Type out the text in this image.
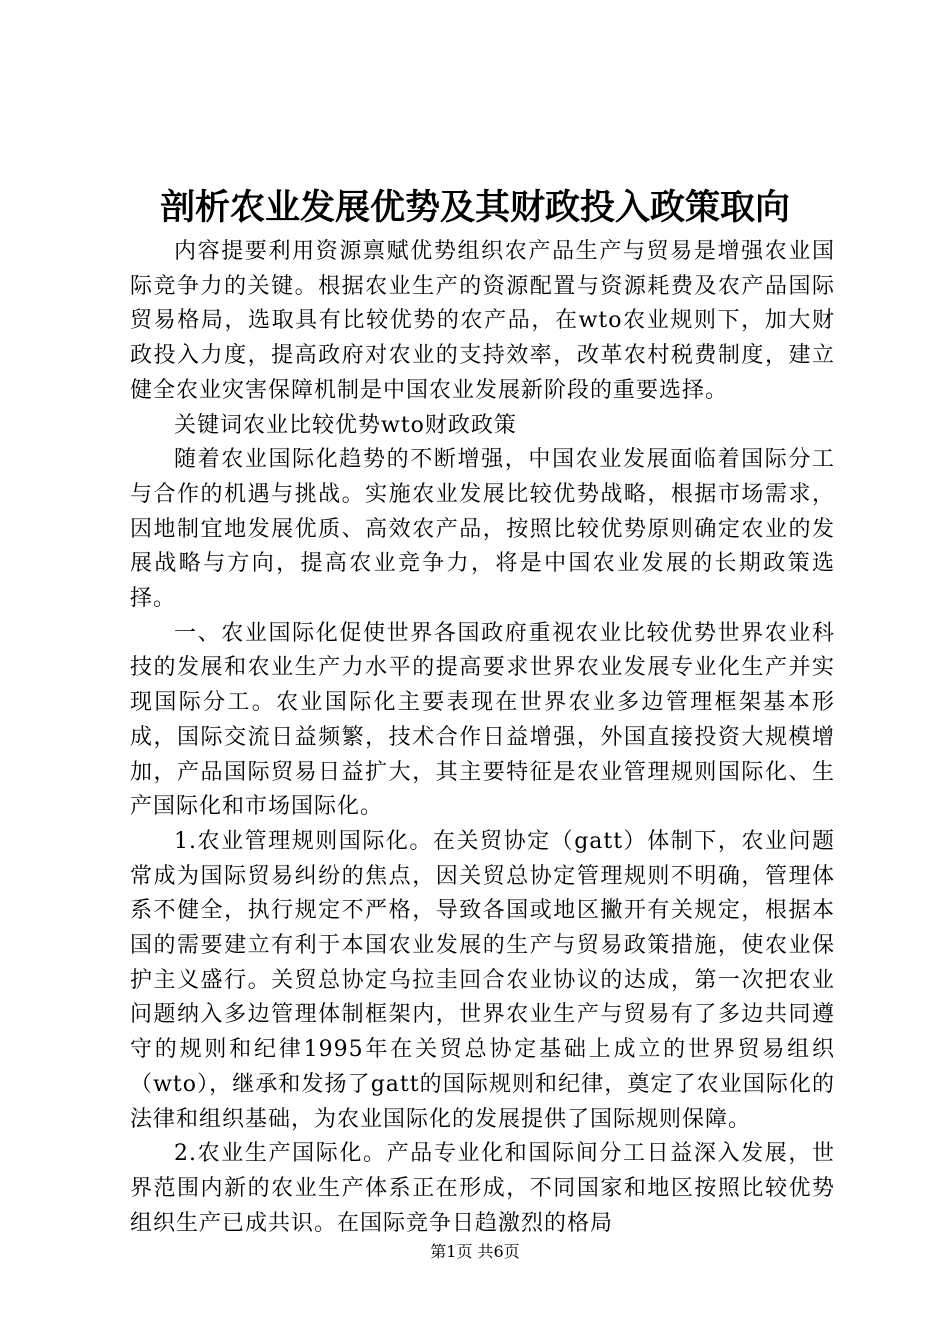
剖析农业发展优势及其财政投入政策取向

内容提要利用资源禀赋优势组织农产品生产与贸易是增强农业国际竞争力的关键。根据农业生产的资源配置与资源耗费及农产品国际贸易格局，选取具有比较优势的农产品，在wto农业规则下，加大财政投入力度，提高政府对农业的支持效率，改革农村税费制度，建立健全农业灾害保障机制是中国农业发展新阶段的重要选择。

关键词农业比较优势wto财政政策

随着农业国际化趋势的不断增强，中国农业发展面临着国际分工与合作的机遇与挑战。实施农业发展比较优势战略，根据市场需求，因地制宜地发展优质、高效农产品，按照比较优势原则确定农业的发展战略与方向，提高农业竞争力，将是中国农业发展的长期政策选择。

一、农业国际化促使世界各国政府重视农业比较优势世界农业科技的发展和农业生产力水平的提高要求世界农业发展专业化生产并实现国际分工。农业国际化主要表现在世界农业多边管理框架基本形成，国际交流日益频繁，技术合作日益增强，外国直接投资大规模增加，产品国际贸易日益扩大，其主要特征是农业管理规则国际化、生产国际化和市场国际化。

1.农业管理规则国际化。在关贸协定（gatt）体制下，农业问题常成为国际贸易纠纷的焦点，因关贸总协定管理规则不明确，管理体系不健全，执行规定不严格，导致各国或地区撇开有关规定，根据本国的需要建立有利于本国农业发展的生产与贸易政策措施，使农业保护主义盛行。关贸总协定乌拉圭回合农业协议的达成，第一次把农业问题纳入多边管理体制框架内，世界农业生产与贸易有了多边共同遵守的规则和纪律1995年在关贸总协定基础上成立的世界贸易组织（wto），继承和发扬了gatt的国际规则和纪律，奠定了农业国际化的法律和组织基础，为农业国际化的发展提供了国际规则保障。

2.农业生产国际化。产品专业化和国际间分工日益深入发展，世界范围内新的农业生产体系正在形成，不同国家和地区按照比较优势组织生产已成共识。在国际竞争日趋激烈的格局

第1页 共6页
